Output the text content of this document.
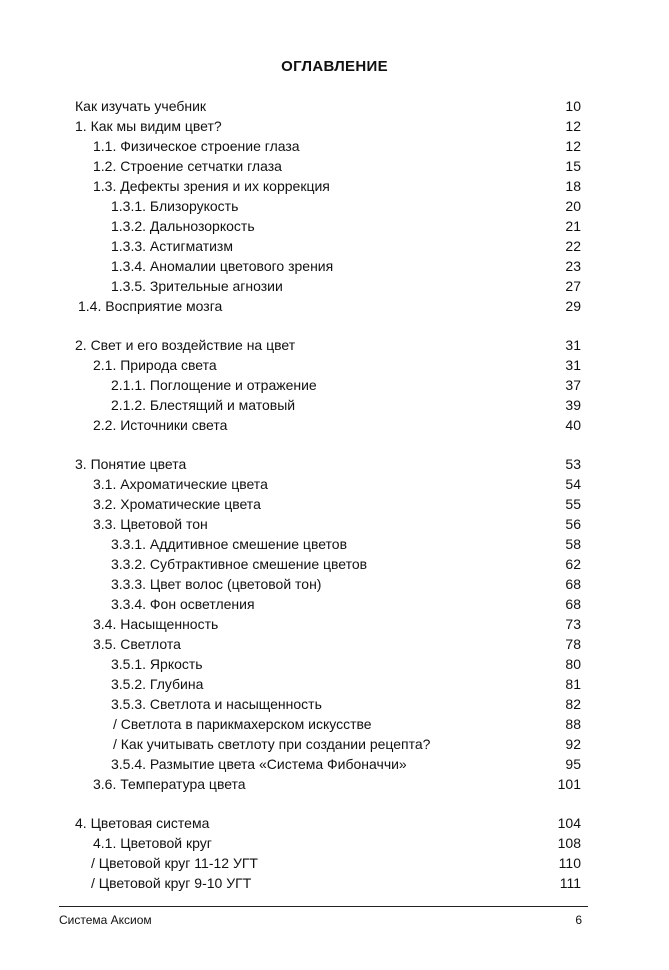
ОГЛАВЛЕНИЕ
Как изучать учебник	10
1. Как мы видим цвет?	12
1.1. Физическое строение глаза	12
1.2. Строение сетчатки глаза	15
1.3. Дефекты зрения и их коррекция	18
1.3.1. Близорукость	20
1.3.2. Дальнозоркость	21
1.3.3. Астигматизм	22
1.3.4. Аномалии цветового зрения	23
1.3.5. Зрительные агнозии	27
1.4. Восприятие мозга	29
2. Свет и его воздействие на цвет	31
2.1. Природа света	31
2.1.1. Поглощение и отражение	37
2.1.2. Блестящий и матовый	39
2.2. Источники света	40
3. Понятие цвета	53
3.1. Ахроматические цвета	54
3.2. Хроматические цвета	55
3.3. Цветовой тон	56
3.3.1. Аддитивное смешение цветов	58
3.3.2. Субтрактивное смешение цветов	62
3.3.3. Цвет волос (цветовой тон)	68
3.3.4. Фон осветления	68
3.4. Насыщенность	73
3.5. Светлота	78
3.5.1. Яркость	80
3.5.2. Глубина	81
3.5.3. Светлота и насыщенность	82
/ Светлота в парикмахерском искусстве	88
/ Как учитывать светлоту при создании рецепта?	92
3.5.4. Размытие цвета «Система Фибоначчи»	95
3.6. Температура цвета	101
4. Цветовая система	104
4.1. Цветовой круг	108
/ Цветовой круг 11-12 УГТ	110
/ Цветовой круг 9-10 УГТ	111
Система Аксиом	6
